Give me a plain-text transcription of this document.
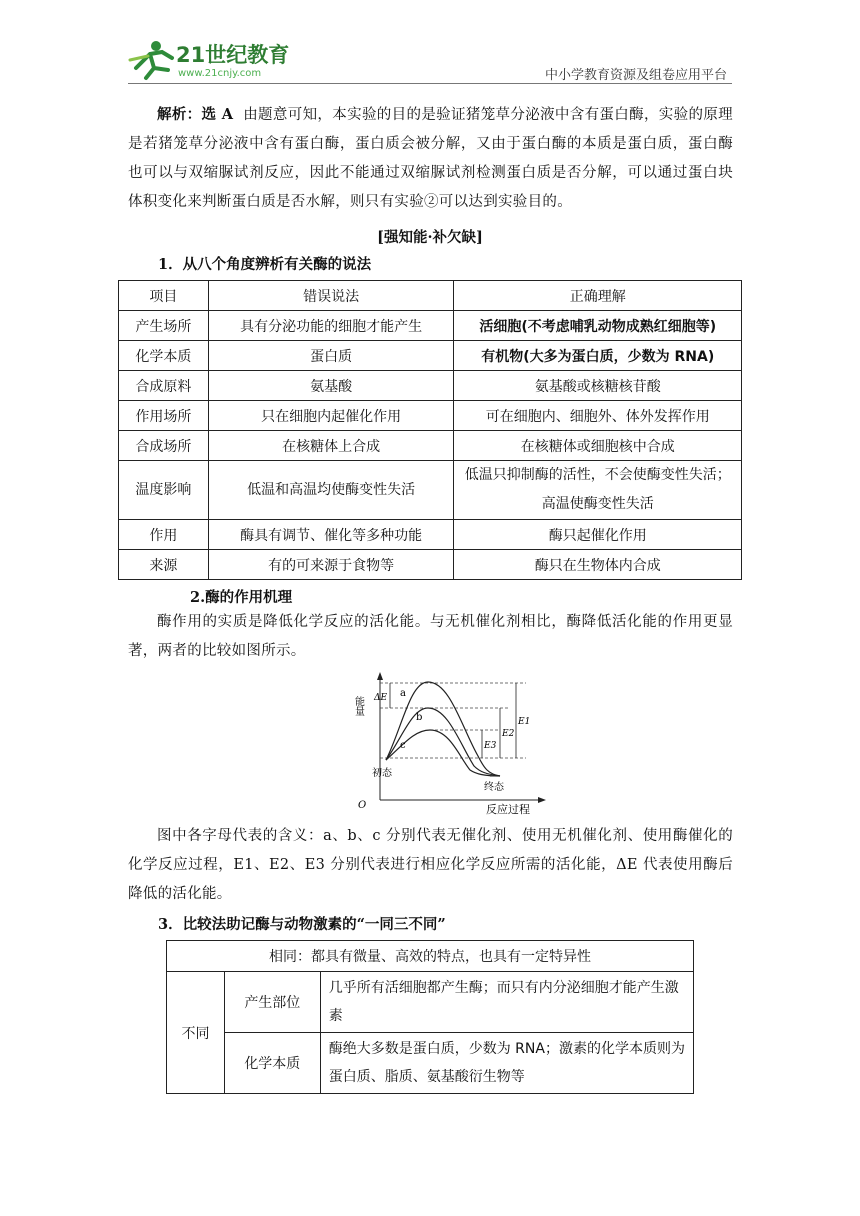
21世纪教育
www.21cnjy.com	中小学教育资源及组卷应用平台
解析：选 A 由题意可知，本实验的目的是验证猪笼草分泌液中含有蛋白酶，实验的原理是若猪笼草分泌液中含有蛋白酶，蛋白质会被分解，又由于蛋白酶的本质是蛋白质，蛋白酶也可以与双缩脲试剂反应，因此不能通过双缩脲试剂检测蛋白质是否分解，可以通过蛋白块体积变化来判断蛋白质是否水解，则只有实验②可以达到实验目的。
[强知能·补欠缺]
1．从八个角度辨析有关酶的说法
项目	错误说法	正确理解
产生场所	具有分泌功能的细胞才能产生	活细胞(不考虑哺乳动物成熟红细胞等)
化学本质	蛋白质	有机物(大多为蛋白质，少数为 RNA)
合成原料	氨基酸	氨基酸或核糖核苷酸
作用场所	只在细胞内起催化作用	可在细胞内、细胞外、体外发挥作用
合成场所	在核糖体上合成	在核糖体或细胞核中合成
温度影响	低温和高温均使酶变性失活	低温只抑制酶的活性，不会使酶变性失活；高温使酶变性失活
作用	酶具有调节、催化等多种功能	酶只起催化作用
来源	有的可来源于食物等	酶只在生物体内合成
2.酶的作用机理
酶作用的实质是降低化学反应的活化能。与无机催化剂相比，酶降低活化能的作用更显著，两者的比较如图所示。
能量
反应过程
O
a
b
c
ΔE
E1
E2
E3
初态
终态
图中各字母代表的含义：a、b、c 分别代表无催化剂、使用无机催化剂、使用酶催化的化学反应过程，E1、E2、E3 分别代表进行相应化学反应所需的活化能，ΔE 代表使用酶后降低的活化能。
3．比较法助记酶与动物激素的“一同三不同”
相同：都具有微量、高效的特点，也具有一定特异性		
不同	产生部位	几乎所有活细胞都产生酶；而只有内分泌细胞才能产生激素
	化学本质	酶绝大多数是蛋白质，少数为 RNA；激素的化学本质则为蛋白质、脂质、氨基酸衍生物等
